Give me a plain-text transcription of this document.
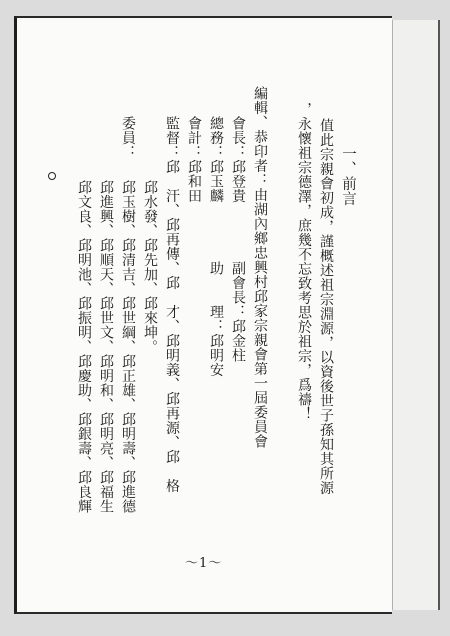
一、前言

值此宗親會初成，謹概述祖宗淵源，以資後世子孫知其所源

，永懷祖宗德澤，庶幾不忘致考思於祖宗，爲禱！

編輯、恭印者：由湖內鄉忠興村邱家宗親會第一屆委員會

會長：邱登貴　　　　副會長：邱金柱

總務：邱玉麟　　　　助　　理：邱明安

會計：邱和田

監督：邱　汗、邱再傳、邱　才、邱明義、邱再源、邱　格

委員：

邱水發、邱先加、邱來坤。

邱玉樹、邱清吉、邱世綱、邱正雄、邱明壽、邱進德

邱進興、邱順天、邱世文、邱明和、邱明亮、邱福生

邱文良、邱明池、邱振明、邱慶助、邱銀壽、邱良輝

～1～
